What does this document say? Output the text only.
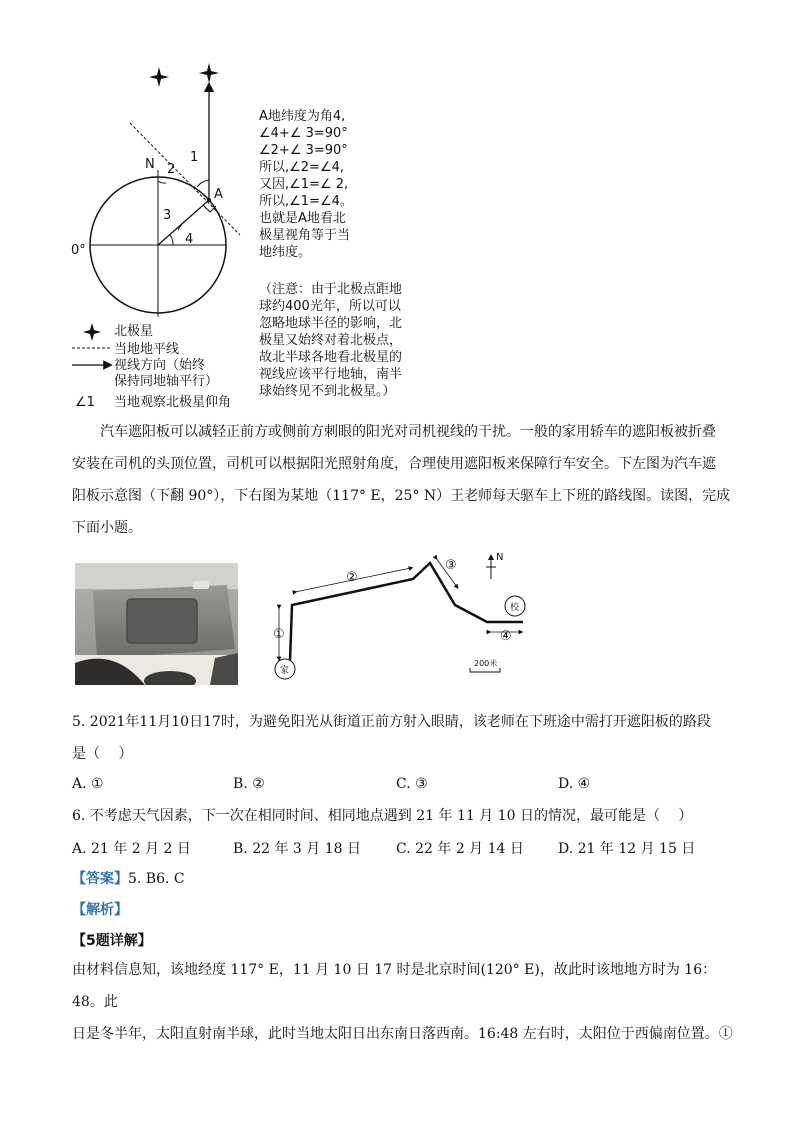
0°
N	1
2
3
4
A
A地纬度为角4,
∠4+∠ 3=90°
∠2+∠ 3=90°
所以,∠2=∠4,
又因,∠1=∠ 2,
所以,∠1=∠4。
也就是A地看北
极星视角等于当
地纬度。
（注意：由于北极点距地
球约400光年，所以可以
忽略地球半径的影响，北
极星又始终对着北极点，
故北半球各地看北极星的
视线应该平行地轴，南半
球始终见不到北极星。）
北极星
当地地平线
视线方向（始终
保持同地轴平行）
∠1 当地观察北极星仰角

汽车遮阳板可以减轻正前方或侧前方刺眼的阳光对司机视线的干扰。一般的家用轿车的遮阳板被折叠

安装在司机的头顶位置，司机可以根据阳光照射角度，合理使用遮阳板来保障行车安全。下左图为汽车遮

阳板示意图（下翻 90°），下右图为某地（117° E，25° N）王老师每天驱车上下班的路线图。读图，完成

下面小题。

①
②
③
④
家
校
N
200米

5. 2021年11月10日17时，为避免阳光从街道正前方射入眼睛，该老师在下班途中需打开遮阳板的路段

是（　 ）

A. ①	B. ②	C. ③	D. ④

6. 不考虑天气因素，下一次在相同时间、相同地点遇到 21 年 11 月 10 日的情况，最可能是（　 ）

A. 21 年 2 月 2 日	B. 22 年 3 月 18 日	C. 22 年 2 月 14 日 D. 21 年 12 月 15 日
【答案】5. B6. C
【解析】
【5题详解】

由材料信息知，该地经度 117° E，11 月 10 日 17 时是北京时间(120° E)，故此时该地地方时为 16：48。此

日是冬半年，太阳直射南半球，此时当地太阳日出东南日落西南。16:48 左右时，太阳位于西偏南位置。①
